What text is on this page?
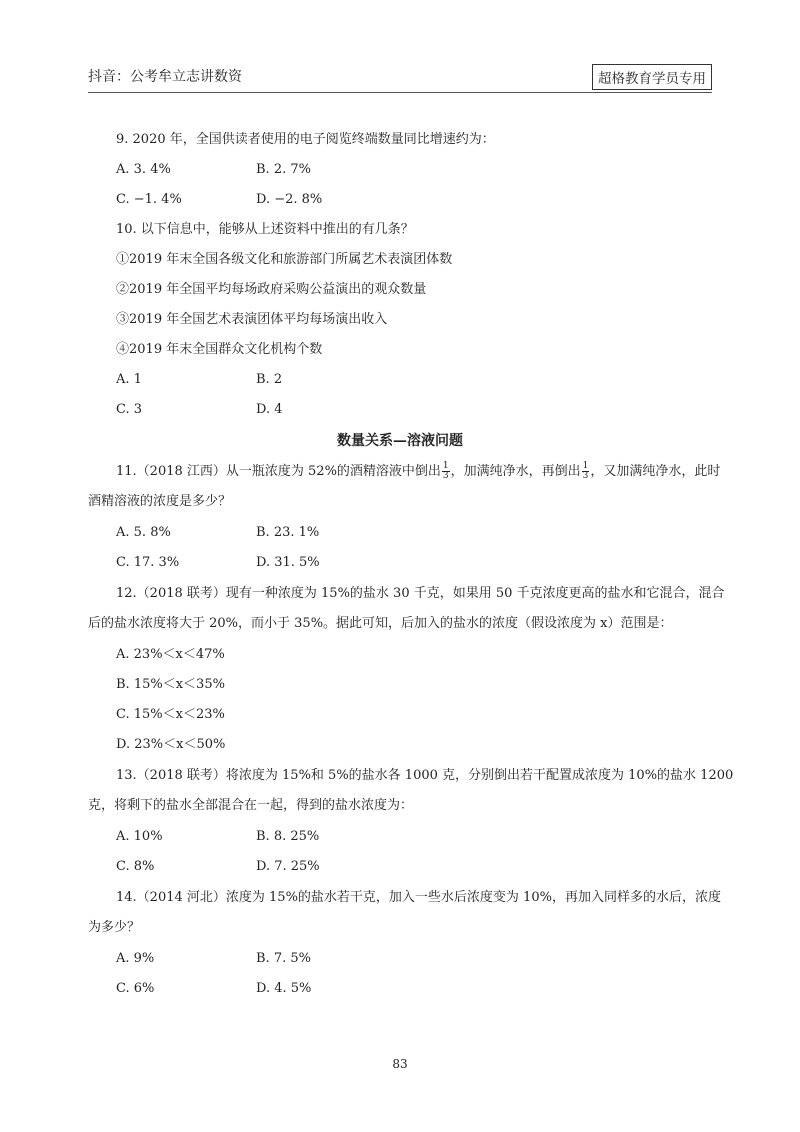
抖音：公考牟立志讲数资	超格教育学员专用
9. 2020 年，全国供读者使用的电子阅览终端数量同比增速约为：
A. 3. 4%	B. 2. 7%
C. −1. 4%	D. −2. 8%
10. 以下信息中，能够从上述资料中推出的有几条？
①2019 年末全国各级文化和旅游部门所属艺术表演团体数
②2019 年全国平均每场政府采购公益演出的观众数量
③2019 年全国艺术表演团体平均每场演出收入
④2019 年末全国群众文化机构个数
A. 1	B. 2
C. 3	D. 4
数量关系—溶液问题
11.（2018 江西）从一瓶浓度为 52%的酒精溶液中倒出 $\frac{1}{3}$ ，加满纯净水，再倒出 $\frac{1}{3}$ ，又加满纯净水，此时
酒精溶液的浓度是多少？
A. 5. 8%	B. 23. 1%
C. 17. 3%	D. 31. 5%
12.（2018 联考）现有一种浓度为 15%的盐水 30 千克，如果用 50 千克浓度更高的盐水和它混合，混合
后的盐水浓度将大于 20%，而小于 35%。据此可知，后加入的盐水的浓度（假设浓度为 x）范围是：
A. 23%＜x＜47%
B. 15%＜x＜35%
C. 15%＜x＜23%
D. 23%＜x＜50%
13.（2018 联考）将浓度为 15%和 5%的盐水各 1000 克，分别倒出若干配置成浓度为 10%的盐水 1200
克，将剩下的盐水全部混合在一起，得到的盐水浓度为：
A. 10%	B. 8. 25%
C. 8%	D. 7. 25%
14.（2014 河北）浓度为 15%的盐水若干克，加入一些水后浓度变为 10%，再加入同样多的水后，浓度
为多少？
A. 9%	B. 7. 5%
C. 6%	D. 4. 5%
83
